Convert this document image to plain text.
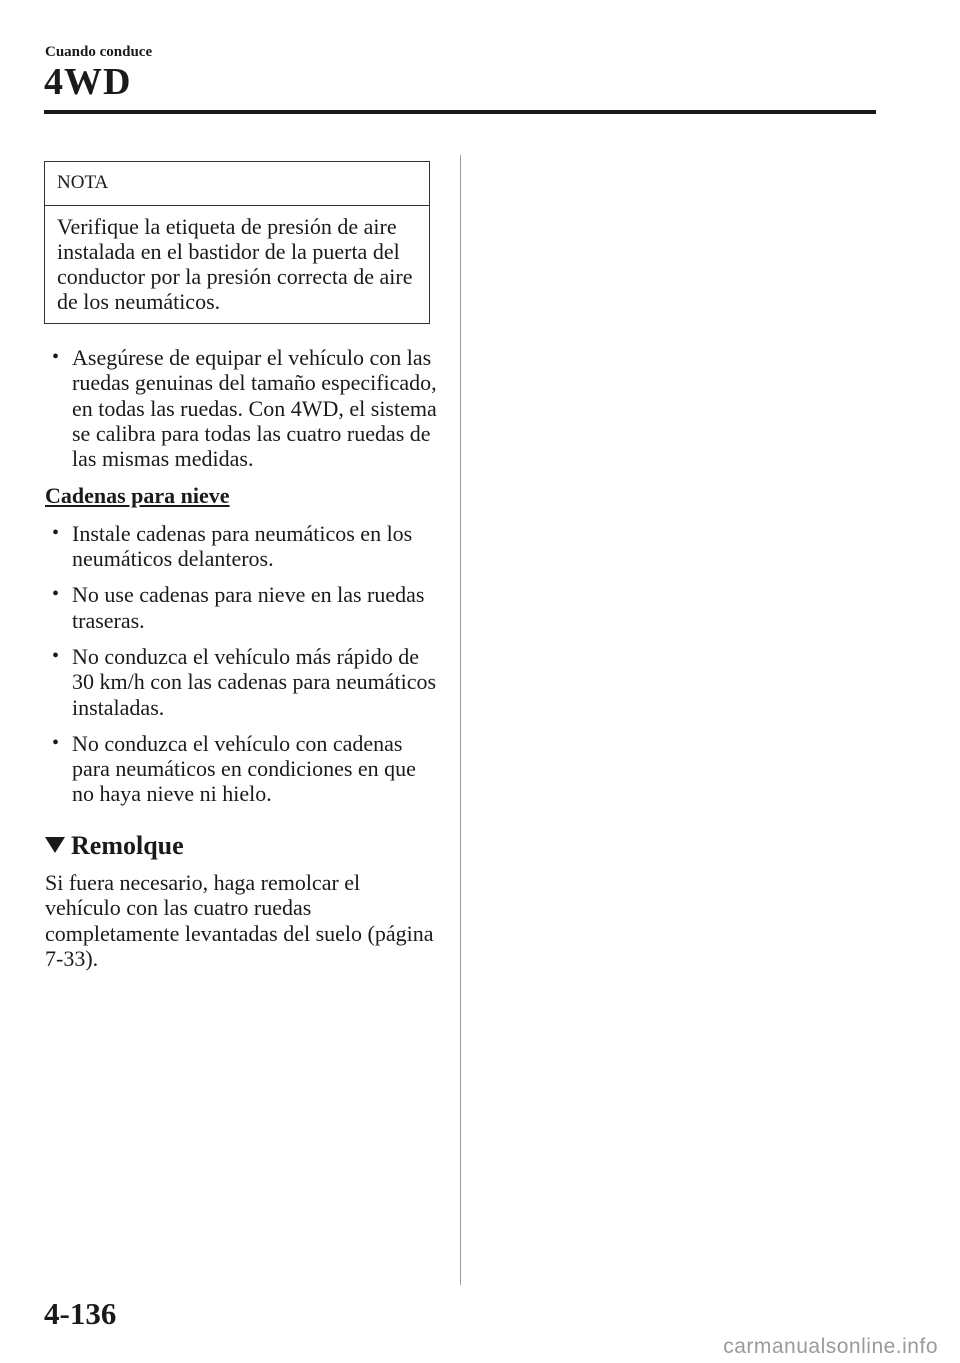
Cuando conduce
4WD
NOTA
Verifique la etiqueta de presión de aire instalada en el bastidor de la puerta del conductor por la presión correcta de aire de los neumáticos.
• Asegúrese de equipar el vehículo con las ruedas genuinas del tamaño especificado, en todas las ruedas. Con 4WD, el sistema se calibra para todas las cuatro ruedas de las mismas medidas.
Cadenas para nieve
• Instale cadenas para neumáticos en los neumáticos delanteros.
• No use cadenas para nieve en las ruedas traseras.
• No conduzca el vehículo más rápido de 30 km/h con las cadenas para neumáticos instaladas.
• No conduzca el vehículo con cadenas para neumáticos en condiciones en que no haya nieve ni hielo.
Remolque

Si fuera necesario, haga remolcar el vehículo con las cuatro ruedas completamente levantadas del suelo (página 7-33).

4-136
carmanualsonline.info
